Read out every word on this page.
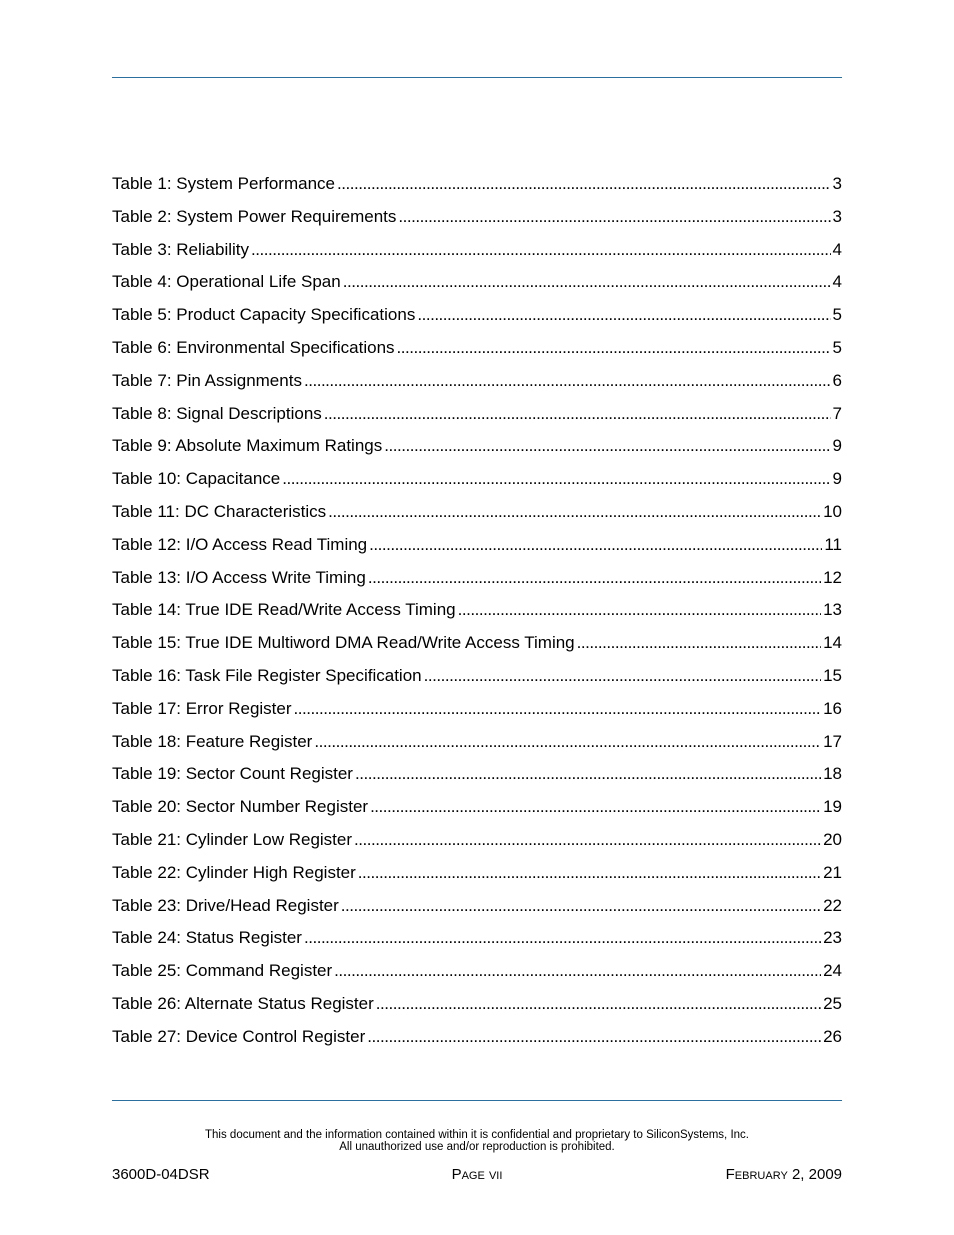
Table 1: System Performance . . .	3
Table 2: System Power Requirements . . .	3
Table 3: Reliability . . .	4
Table 4: Operational Life Span . . .	4
Table 5: Product Capacity Specifications . . .	5
Table 6: Environmental Specifications . . .	5
Table 7: Pin Assignments . . .	6
Table 8: Signal Descriptions . . .	7
Table 9: Absolute Maximum Ratings . . .	9
Table 10: Capacitance . . .	9
Table 11: DC Characteristics . . .	10
Table 12: I/O Access Read Timing . . .	11
Table 13: I/O Access Write Timing . . .	12
Table 14: True IDE Read/Write Access Timing . . .	13
Table 15: True IDE Multiword DMA Read/Write Access Timing . . .	14
Table 16: Task File Register Specification . . .	15
Table 17: Error Register . . .	16
Table 18: Feature Register . . .	17
Table 19: Sector Count Register . . .	18
Table 20: Sector Number Register . . .	19
Table 21: Cylinder Low Register . . .	20
Table 22: Cylinder High Register . . .	21
Table 23: Drive/Head Register . . .	22
Table 24: Status Register . . .	23
Table 25: Command Register . . .	24
Table 26: Alternate Status Register . . .	25
Table 27: Device Control Register . . .	26
This document and the information contained within it is confidential and proprietary to SiliconSystems, Inc.
All unauthorized use and/or reproduction is prohibited.
3600D-04DSR	Page vii	February 2, 2009
